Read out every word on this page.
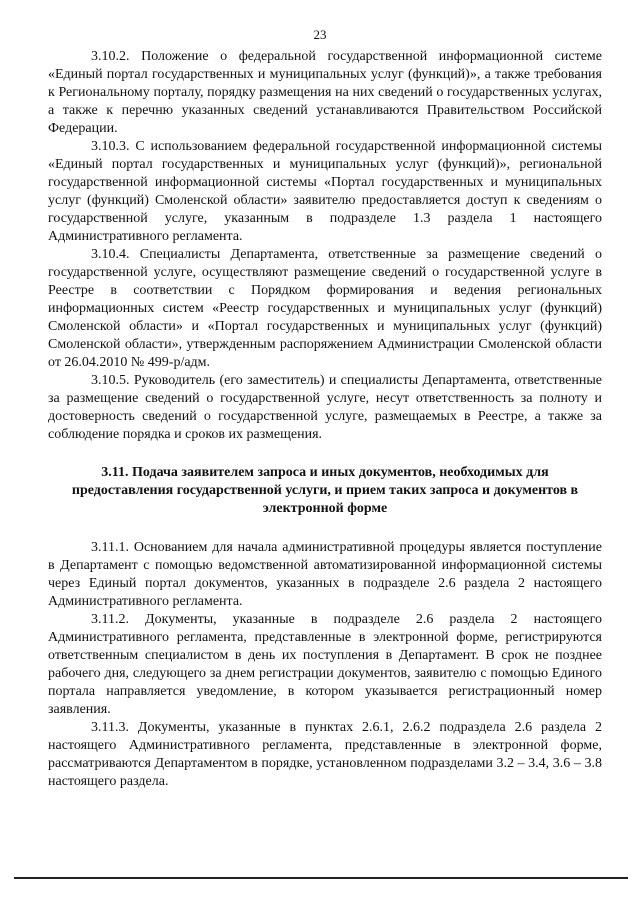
23

3.10.2. Положение о федеральной государственной информационной системе «Единый портал государственных и муниципальных услуг (функций)», а также требования к Региональному порталу, порядку размещения на них сведений о государственных услугах, а также к перечню указанных сведений устанавливаются Правительством Российской Федерации.

3.10.3. С использованием федеральной государственной информационной системы «Единый портал государственных и муниципальных услуг (функций)», региональной государственной информационной системы «Портал государственных и муниципальных услуг (функций) Смоленской области» заявителю предоставляется доступ к сведениям о государственной услуге, указанным в подразделе 1.3 раздела 1 настоящего Административного регламента.

3.10.4. Специалисты Департамента, ответственные за размещение сведений о государственной услуге, осуществляют размещение сведений о государственной услуге в Реестре в соответствии с Порядком формирования и ведения региональных информационных систем «Реестр государственных и муниципальных услуг (функций) Смоленской области» и «Портал государственных и муниципальных услуг (функций) Смоленской области», утвержденным распоряжением Администрации Смоленской области от 26.04.2010 № 499-р/адм.

3.10.5. Руководитель (его заместитель) и специалисты Департамента, ответственные за размещение сведений о государственной услуге, несут ответственность за полноту и достоверность сведений о государственной услуге, размещаемых в Реестре, а также за соблюдение порядка и сроков их размещения.

3.11. Подача заявителем запроса и иных документов, необходимых для предоставления государственной услуги, и прием таких запроса и документов в электронной форме

3.11.1. Основанием для начала административной процедуры является поступление в Департамент с помощью ведомственной автоматизированной информационной системы через Единый портал документов, указанных в подразделе 2.6 раздела 2 настоящего Административного регламента.

3.11.2. Документы, указанные в подразделе 2.6 раздела 2 настоящего Административного регламента, представленные в электронной форме, регистрируются ответственным специалистом в день их поступления в Департамент. В срок не позднее рабочего дня, следующего за днем регистрации документов, заявителю с помощью Единого портала направляется уведомление, в котором указывается регистрационный номер заявления.

3.11.3. Документы, указанные в пунктах 2.6.1, 2.6.2 подраздела 2.6 раздела 2 настоящего Административного регламента, представленные в электронной форме, рассматриваются Департаментом в порядке, установленном подразделами 3.2 – 3.4, 3.6 – 3.8 настоящего раздела.
